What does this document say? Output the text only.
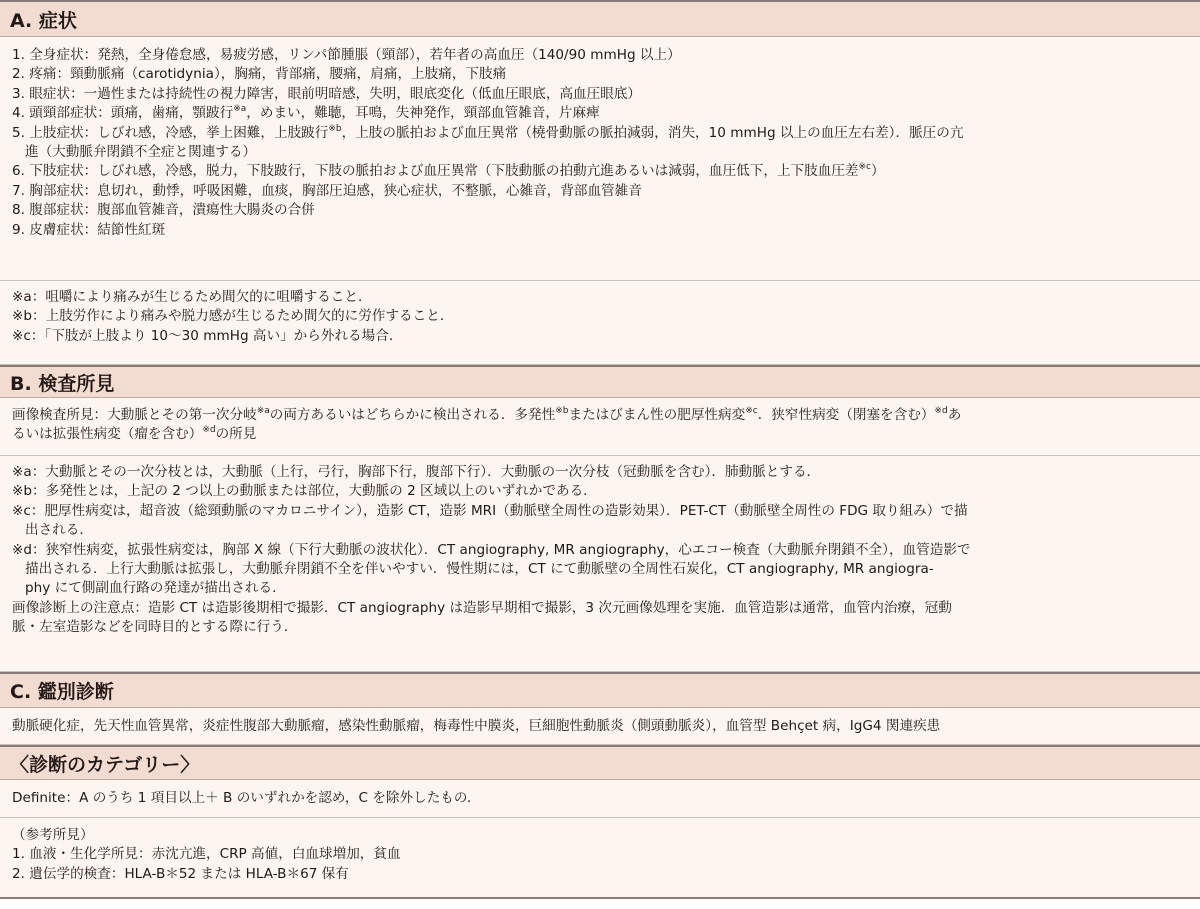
A. 症状
1. 全身症状：発熱，全身倦怠感，易疲労感，リンパ節腫脹（頸部），若年者の高血圧（140/90 mmHg 以上）
2. 疼痛：頸動脈痛（carotidynia），胸痛，背部痛，腰痛，肩痛，上肢痛，下肢痛
3. 眼症状：一過性または持続性の視力障害，眼前明暗感，失明，眼底変化（低血圧眼底，高血圧眼底）
4. 頭頸部症状：頭痛，歯痛，顎跛行$^{※a}$，めまい，難聴，耳鳴，失神発作，頸部血管雑音，片麻痺
5. 上肢症状：しびれ感，冷感，挙上困難，上肢跛行$^{※b}$，上肢の脈拍および血圧異常（橈骨動脈の脈拍減弱，消失，10 mmHg 以上の血圧左右差）．脈圧の亢
進（大動脈弁閉鎖不全症と関連する）
6. 下肢症状：しびれ感，冷感，脱力，下肢跛行，下肢の脈拍および血圧異常（下肢動脈の拍動亢進あるいは減弱，血圧低下，上下肢血圧差$^{※c}$）
7. 胸部症状：息切れ，動悸，呼吸困難，血痰，胸部圧迫感，狭心症状，不整脈，心雑音，背部血管雑音
8. 腹部症状：腹部血管雑音，潰瘍性大腸炎の合併
9. 皮膚症状：結節性紅斑
※a：咀嚼により痛みが生じるため間欠的に咀嚼すること．
※b：上肢労作により痛みや脱力感が生じるため間欠的に労作すること．
※c：「下肢が上肢より 10〜30 mmHg 高い」から外れる場合．
B. 検査所見
画像検査所見：大動脈とその第一次分岐$^{※a}$の両方あるいはどちらかに検出される．多発性$^{※b}$またはびまん性の肥厚性病変$^{※c}$．狭窄性病変（閉塞を含む）$^{※d}$あ
るいは拡張性病変（瘤を含む）$^{※d}$の所見
※a：大動脈とその一次分枝とは，大動脈（上行，弓行，胸部下行，腹部下行）．大動脈の一次分枝（冠動脈を含む）．肺動脈とする．
※b：多発性とは，上記の 2 つ以上の動脈または部位，大動脈の 2 区域以上のいずれかである．
※c：肥厚性病変は，超音波（総頸動脈のマカロニサイン），造影 CT，造影 MRI（動脈壁全周性の造影効果）．PET-CT（動脈壁全周性の FDG 取り組み）で描
出される．
※d：狭窄性病変，拡張性病変は，胸部 X 線（下行大動脈の波状化）．CT angiography, MR angiography，心エコー検査（大動脈弁閉鎖不全），血管造影で
描出される．上行大動脈は拡張し，大動脈弁閉鎖不全を伴いやすい．慢性期には，CT にて動脈壁の全周性石炭化，CT angiography, MR angiogra-
phy にて側副血行路の発達が描出される．
画像診断上の注意点：造影 CT は造影後期相で撮影．CT angiography は造影早期相で撮影，3 次元画像処理を実施．血管造影は通常，血管内治療，冠動
脈・左室造影などを同時目的とする際に行う．
C. 鑑別診断
動脈硬化症，先天性血管異常，炎症性腹部大動脈瘤，感染性動脈瘤，梅毒性中膜炎，巨細胞性動脈炎（側頭動脈炎），血管型 Behçet 病，IgG4 関連疾患
〈診断のカテゴリー〉
Definite：A のうち 1 項目以上＋ B のいずれかを認め，C を除外したもの．
（参考所見）
1. 血液・生化学所見：赤沈亢進，CRP 高値，白血球増加，貧血
2. 遺伝学的検査：HLA-B＊52 または HLA-B＊67 保有
